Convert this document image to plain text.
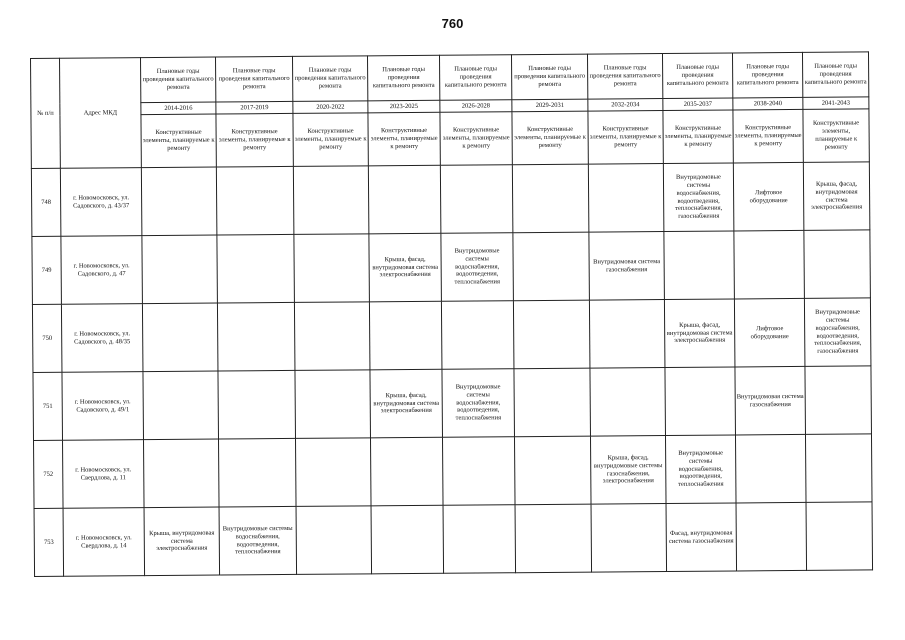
760
№ п/п	Адрес МКД	Плановые годы проведения капитального ремонта	Плановые годы проведения капитального ремонта	Плановые годы проведения капитального ремонта	Плановые годы проведения капитального ремонта	Плановые годы проведения капитального ремонта	Плановые годы проведения капитального ремонта	Плановые годы проведения капитального ремонта	Плановые годы проведения капитального ремонта	Плановые годы проведения капитального ремонта	Плановые годы проведения капитального ремонта
		2014-2016	2017-2019	2020-2022	2023-2025	2026-2028	2029-2031	2032-2034	2035-2037	2038-2040	2041-2043
		Конструктивные элементы, планируемые к ремонту	Конструктивные элементы, планируемые к ремонту	Конструктивные элементы, планируемые к ремонту	Конструктивные элементы, планируемые к ремонту	Конструктивные элементы, планируемые к ремонту	Конструктивные элементы, планируемые к ремонту	Конструктивные элементы, планируемые к ремонту	Конструктивные элементы, планируемые к ремонту	Конструктивные элементы, планируемые к ремонту	Конструктивные элементы, планируемые к ремонту
748	г. Новомосковск, ул. Садовского, д. 43/37								Внутридомовые системы водоснабжения, водоотведения, теплоснабжения, газоснабжения	Лифтовое оборудование	Крыша, фасад, внутридомовая система электроснабжения
749	г. Новомосковск, ул. Садовского, д. 47				Крыша, фасад, внутридомовая система электроснабжения	Внутридомовые системы водоснабжения, водоотведения, теплоснабжения		Внутридомовая система газоснабжения			
750	г. Новомосковск, ул. Садовского, д. 48/35								Крыша, фасад, внутридомовая система электроснабжения	Лифтовое оборудование	Внутридомовые системы водоснабжения, водоотведения, теплоснабжения, газоснабжения
751	г. Новомосковск, ул. Садовского, д. 49/1				Крыша, фасад, внутридомовая система электроснабжения	Внутридомовые системы водоснабжения, водоотведения, теплоснабжения				Внутридомовая система газоснабжения	
752	г. Новомосковск, ул. Свердлова, д. 11							Крыша, фасад, внутридомовые системы газоснабжения, электроснабжения	Внутридомовые системы водоснабжения, водоотведения, теплоснабжения		
753	г. Новомосковск, ул. Свердлова, д. 14	Крыша, внутридомовая система электроснабжения	Внутридомовые системы водоснабжения, водоотведения, теплоснабжения						Фасад, внутридомовая система газоснабжения		
